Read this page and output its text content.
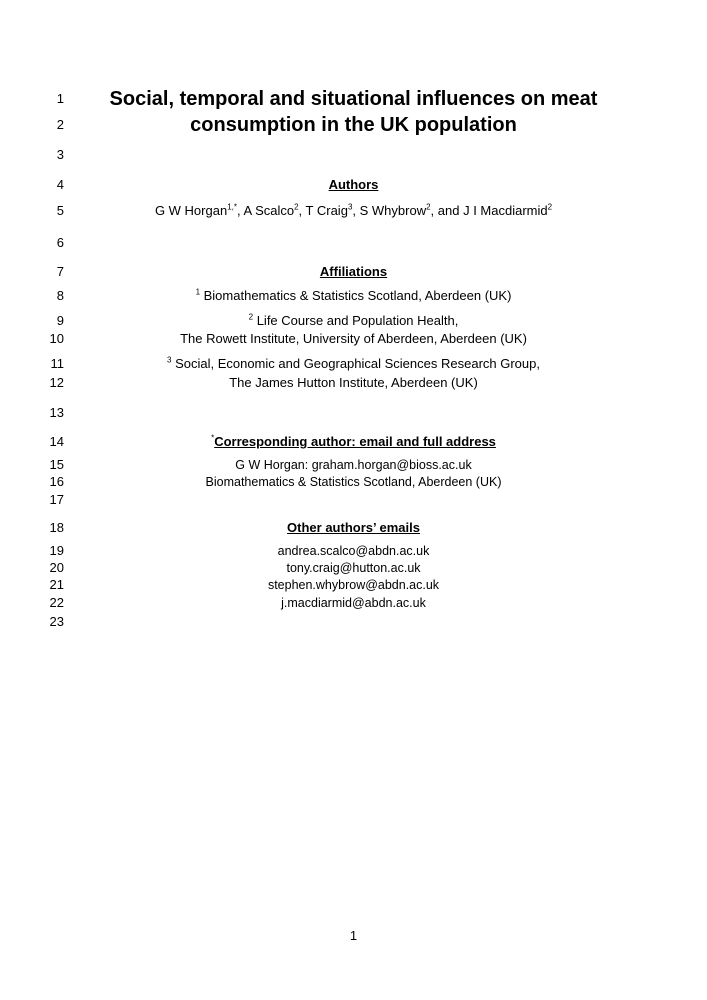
1
2
3
4
5
6
7
8
9
10
11
12
13
14
15
16
17
18
19
20
21
22
23
Social, temporal and situational influences on meat
consumption in the UK population
Authors
G W Horgan$^{1,*}$, A Scalco$^2$, T Craig$^3$, S Whybrow$^2$, and J I Macdiarmid$^2$
Affiliations
$^1$ Biomathematics & Statistics Scotland, Aberdeen (UK)
$^2$ Life Course and Population Health,
The Rowett Institute, University of Aberdeen, Aberdeen (UK)
$^3$ Social, Economic and Geographical Sciences Research Group,
The James Hutton Institute, Aberdeen (UK)
*Corresponding author: email and full address
G W Horgan: graham.horgan@bioss.ac.uk
Biomathematics & Statistics Scotland, Aberdeen (UK)
Other authors’ emails
andrea.scalco@abdn.ac.uk
tony.craig@hutton.ac.uk
stephen.whybrow@abdn.ac.uk
j.macdiarmid@abdn.ac.uk
1
